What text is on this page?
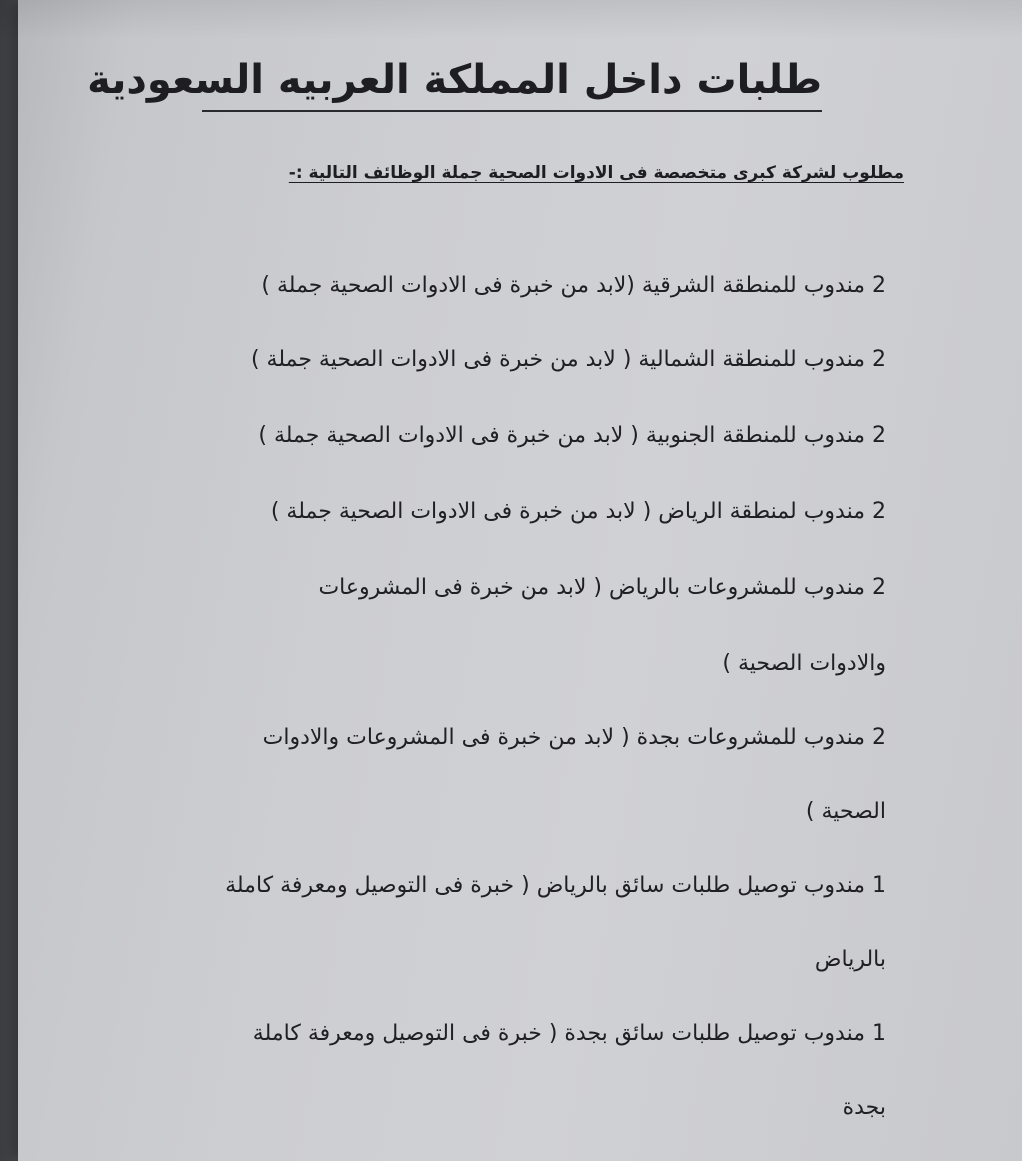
طلبات داخل المملكة العربيه السعودية
مطلوب لشركة كبرى متخصصة فى الادوات الصحية جملة الوظائف التالية :-
2 مندوب للمنطقة الشرقية (لابد من خبرة فى الادوات الصحية جملة )
2 مندوب للمنطقة الشمالية ( لابد من خبرة فى الادوات الصحية جملة )
2 مندوب للمنطقة الجنوبية ( لابد من خبرة فى الادوات الصحية جملة )
2 مندوب لمنطقة الرياض ( لابد من خبرة فى الادوات الصحية جملة )
2 مندوب للمشروعات بالرياض ( لابد من خبرة فى المشروعات
والادوات الصحية )
2 مندوب للمشروعات بجدة ( لابد من خبرة فى المشروعات والادوات
الصحية )
1 مندوب توصيل طلبات سائق بالرياض ( خبرة فى التوصيل ومعرفة كاملة
بالرياض
1 مندوب توصيل طلبات سائق بجدة ( خبرة فى التوصيل ومعرفة كاملة
بجدة
